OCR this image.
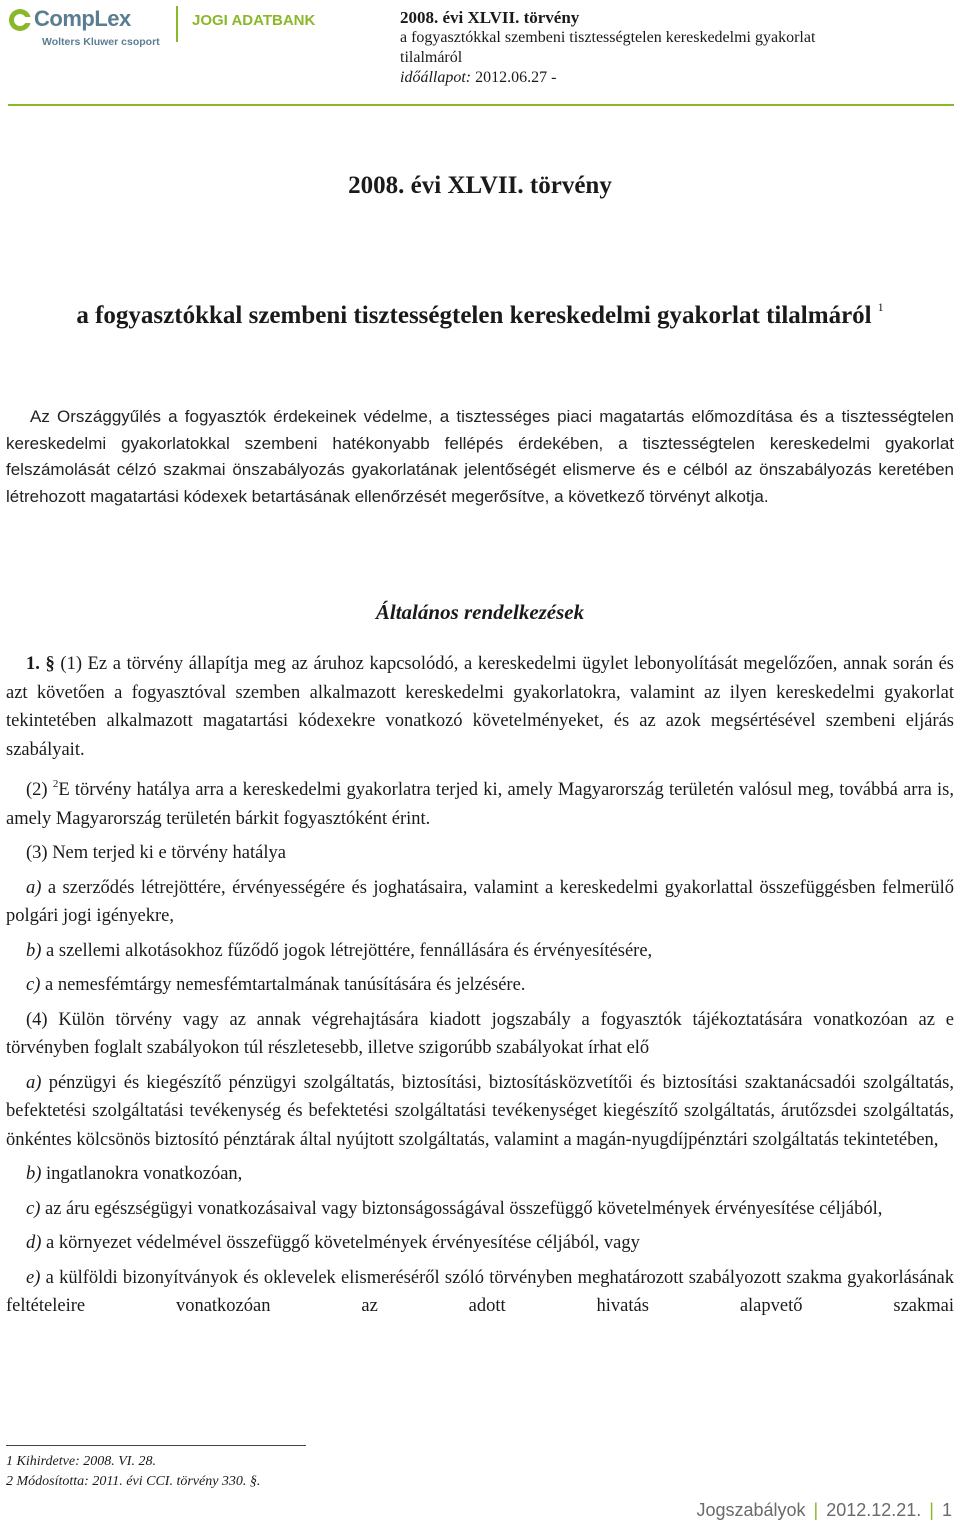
CompLex
Wolters Kluwer csoport
JOGI ADATBANK	2008. évi XLVII. törvény
a fogyasztókkal szembeni tisztességtelen kereskedelmi gyakorlat
tilalmáról
időállapot: 2012.06.27 -
2008. évi XLVII. törvény
a fogyasztókkal szembeni tisztességtelen kereskedelmi gyakorlat tilalmáról $^1$
Az Országgyűlés a fogyasztók érdekeinek védelme, a tisztességes piaci magatartás előmozdítása és a tisztességtelen kereskedelmi gyakorlatokkal szembeni hatékonyabb fellépés érdekében, a tisztességtelen kereskedelmi gyakorlat felszámolását célzó szakmai önszabályozás gyakorlatának jelentőségét elismerve és e célból az önszabályozás keretében létrehozott magatartási kódexek betartásának ellenőrzését megerősítve, a következő törvényt alkotja.
Általános rendelkezések

1. § (1) Ez a törvény állapítja meg az áruhoz kapcsolódó, a kereskedelmi ügylet lebonyolítását megelőzően, annak során és azt követően a fogyasztóval szemben alkalmazott kereskedelmi gyakorlatokra, valamint az ilyen kereskedelmi gyakorlat tekintetében alkalmazott magatartási kódexekre vonatkozó követelményeket, és az azok megsértésével szembeni eljárás szabályait.

(2) $^2$E törvény hatálya arra a kereskedelmi gyakorlatra terjed ki, amely Magyarország területén valósul meg, továbbá arra is, amely Magyarország területén bárkit fogyasztóként érint.

(3) Nem terjed ki e törvény hatálya

a) a szerződés létrejöttére, érvényességére és joghatásaira, valamint a kereskedelmi gyakorlattal összefüggésben felmerülő polgári jogi igényekre,

b) a szellemi alkotásokhoz fűződő jogok létrejöttére, fennállására és érvényesítésére,

c) a nemesfémtárgy nemesfémtartalmának tanúsítására és jelzésére.

(4) Külön törvény vagy az annak végrehajtására kiadott jogszabály a fogyasztók tájékoztatására vonatkozóan az e törvényben foglalt szabályokon túl részletesebb, illetve szigorúbb szabályokat írhat elő

a) pénzügyi és kiegészítő pénzügyi szolgáltatás, biztosítási, biztosításközvetítői és biztosítási szaktanácsadói szolgáltatás, befektetési szolgáltatási tevékenység és befektetési szolgáltatási tevékenységet kiegészítő szolgáltatás, árutőzsdei szolgáltatás, önkéntes kölcsönös biztosító pénztárak által nyújtott szolgáltatás, valamint a magán-nyugdíjpénztári szolgáltatás tekintetében,

b) ingatlanokra vonatkozóan,

c) az áru egészségügyi vonatkozásaival vagy biztonságosságával összefüggő követelmények érvényesítése céljából,

d) a környezet védelmével összefüggő követelmények érvényesítése céljából, vagy

e) a külföldi bizonyítványok és oklevelek elismeréséről szóló törvényben meghatározott szabályozott szakma gyakorlásának feltételeire vonatkozóan az adott hivatás alapvető szakmai

1 Kihirdetve: 2008. VI. 28.
2 Módosította: 2011. évi CCI. törvény 330. §.
Jogszabályok | 2012.12.21. | 1
